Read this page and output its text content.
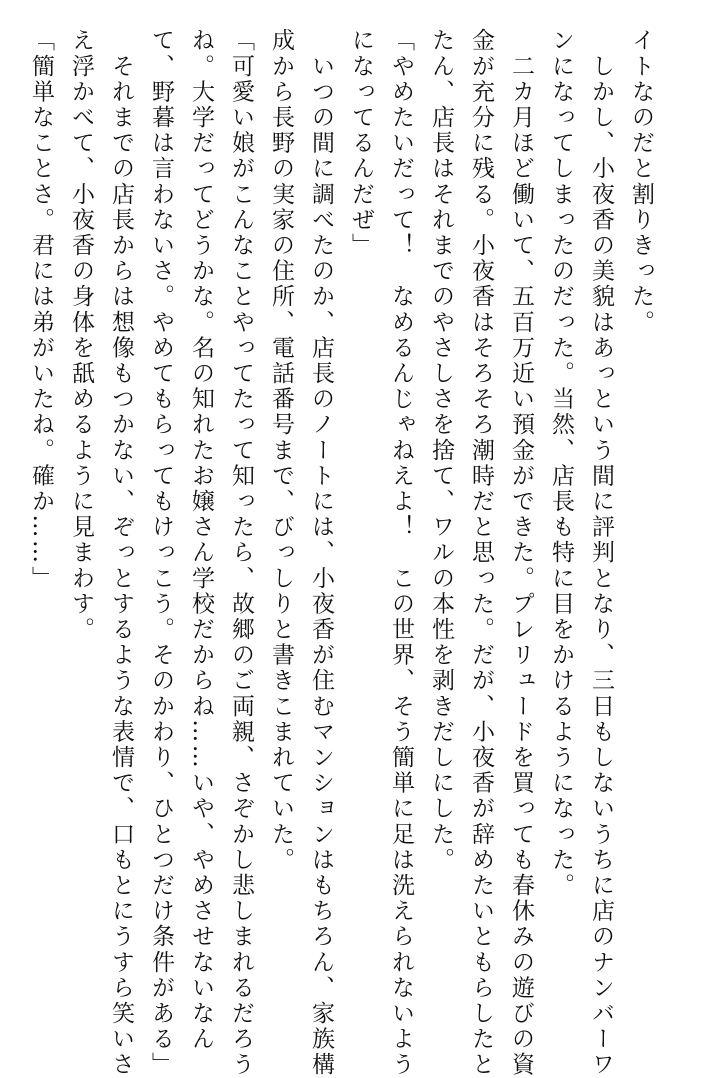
イトなのだと割りきった。
　しかし、小夜香の美貌はあっという間に評判となり、三日もしないうちに店のナンバーワ
ンになってしまったのだった。当然、店長も特に目をかけるようになった。
　二カ月ほど働いて、五百万近い預金ができた。プレリュードを買っても春休みの遊びの資
金が充分に残る。小夜香はそろそろ潮時だと思った。だが、小夜香が辞めたいともらしたと
たん、店長はそれまでのやさしさを捨て、ワルの本性を剥きだしにした。
「やめたいだって！　なめるんじゃねえよ！　この世界、そう簡単に足は洗えられないよう
になってるんだぜ」
　いつの間に調べたのか、店長のノートには、小夜香が住むマンションはもちろん、家族構
成から長野の実家の住所、電話番号まで、びっしりと書きこまれていた。
「可愛い娘がこんなことやってたって知ったら、故郷のご両親、さぞかし悲しまれるだろう
ね。大学だってどうかな。名の知れたお嬢さん学校だからね……いや、やめさせないなん
て、野暮は言わないさ。やめてもらってもけっこう。そのかわり、ひとつだけ条件がある」
　それまでの店長からは想像もつかない、ぞっとするような表情で、口もとにうすら笑いさ
え浮かべて、小夜香の身体を舐めるように見まわす。
「簡単なことさ。君には弟がいたね。確か……」
